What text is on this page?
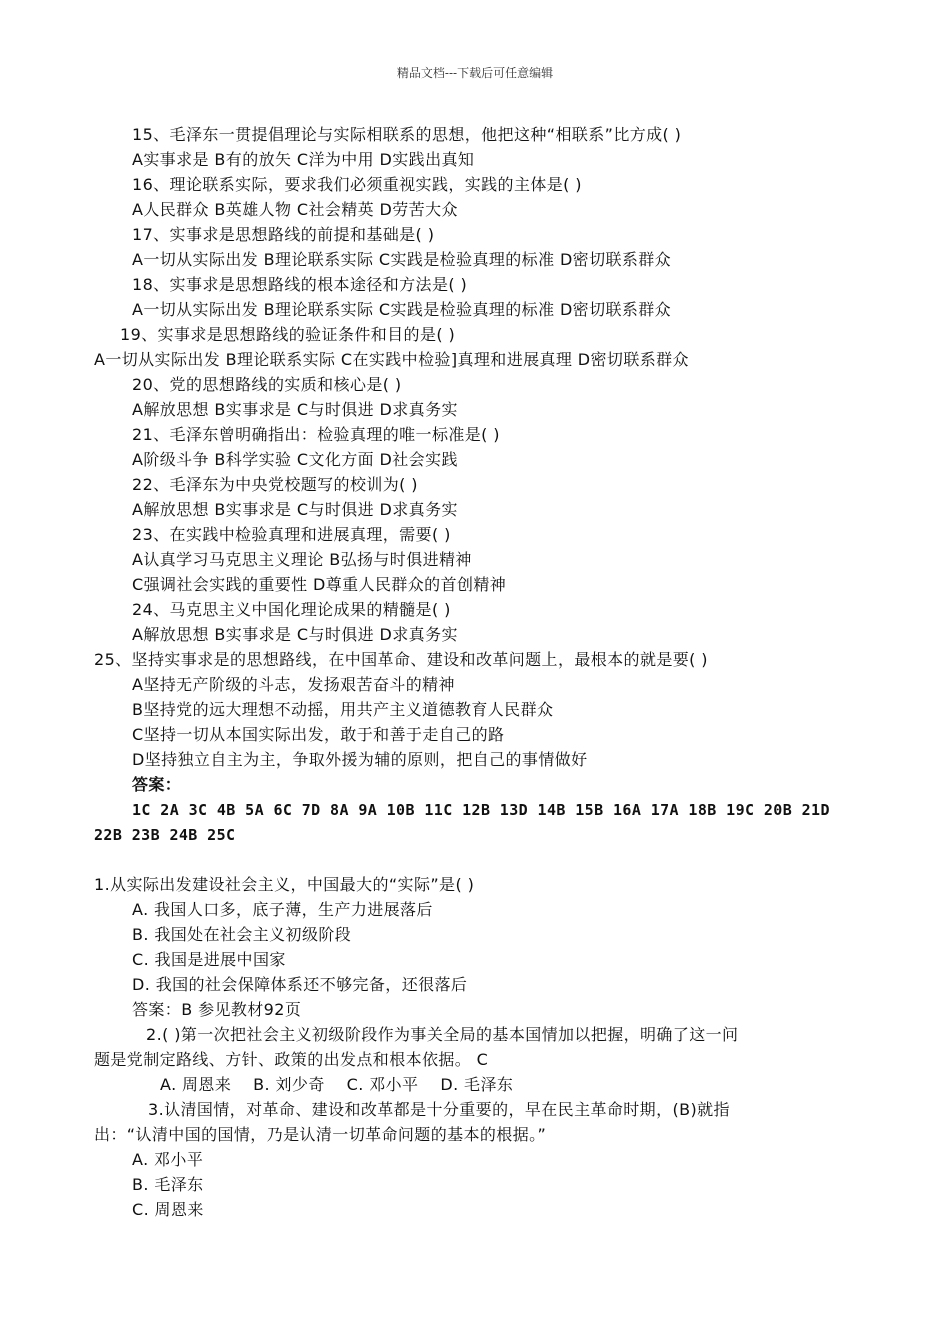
精品文档---下载后可任意编辑
15、毛泽东一贯提倡理论与实际相联系的思想，他把这种“相联系”比方成( )
A实事求是 B有的放矢 C洋为中用 D实践出真知
16、理论联系实际，要求我们必须重视实践，实践的主体是( )
A人民群众 B英雄人物 C社会精英 D劳苦大众
17、实事求是思想路线的前提和基础是( )
A一切从实际出发 B理论联系实际 C实践是检验真理的标准 D密切联系群众
18、实事求是思想路线的根本途径和方法是( )
A一切从实际出发 B理论联系实际 C实践是检验真理的标准 D密切联系群众
19、实事求是思想路线的验证条件和目的是( )
A一切从实际出发 B理论联系实际 C在实践中检验]真理和进展真理 D密切联系群众
20、党的思想路线的实质和核心是( )
A解放思想 B实事求是 C与时俱进 D求真务实
21、毛泽东曾明确指出：检验真理的唯一标准是( )
A阶级斗争 B科学实验 C文化方面 D社会实践
22、毛泽东为中央党校题写的校训为( )
A解放思想 B实事求是 C与时俱进 D求真务实
23、在实践中检验真理和进展真理，需要( )
A认真学习马克思主义理论 B弘扬与时俱进精神
C强调社会实践的重要性 D尊重人民群众的首创精神
24、马克思主义中国化理论成果的精髓是( )
A解放思想 B实事求是 C与时俱进 D求真务实
25、坚持实事求是的思想路线，在中国革命、建设和改革问题上，最根本的就是要( )
A坚持无产阶级的斗志，发扬艰苦奋斗的精神
B坚持党的远大理想不动摇，用共产主义道德教育人民群众
C坚持一切从本国实际出发，敢于和善于走自己的路
D坚持独立自主为主，争取外援为辅的原则，把自己的事情做好
答案：
1C 2A 3C 4B 5A 6C 7D 8A 9A 10B 11C 12B 13D 14B 15B 16A 17A 18B 19C 20B 21D
22B 23B 24B 25C
1.从实际出发建设社会主义，中国最大的“实际”是( )
A. 我国人口多，底子薄，生产力进展落后
B. 我国处在社会主义初级阶段
C. 我国是进展中国家
D. 我国的社会保障体系还不够完备，还很落后
答案：B 参见教材92页
2.( )第一次把社会主义初级阶段作为事关全局的基本国情加以把握，明确了这一问
题是党制定路线、方针、政策的出发点和根本依据。 C
A. 周恩来    B. 刘少奇    C. 邓小平    D. 毛泽东
3.认清国情，对革命、建设和改革都是十分重要的，早在民主革命时期，(B)就指
出：“认清中国的国情，乃是认清一切革命问题的基本的根据。”
A. 邓小平
B. 毛泽东
C. 周恩来
